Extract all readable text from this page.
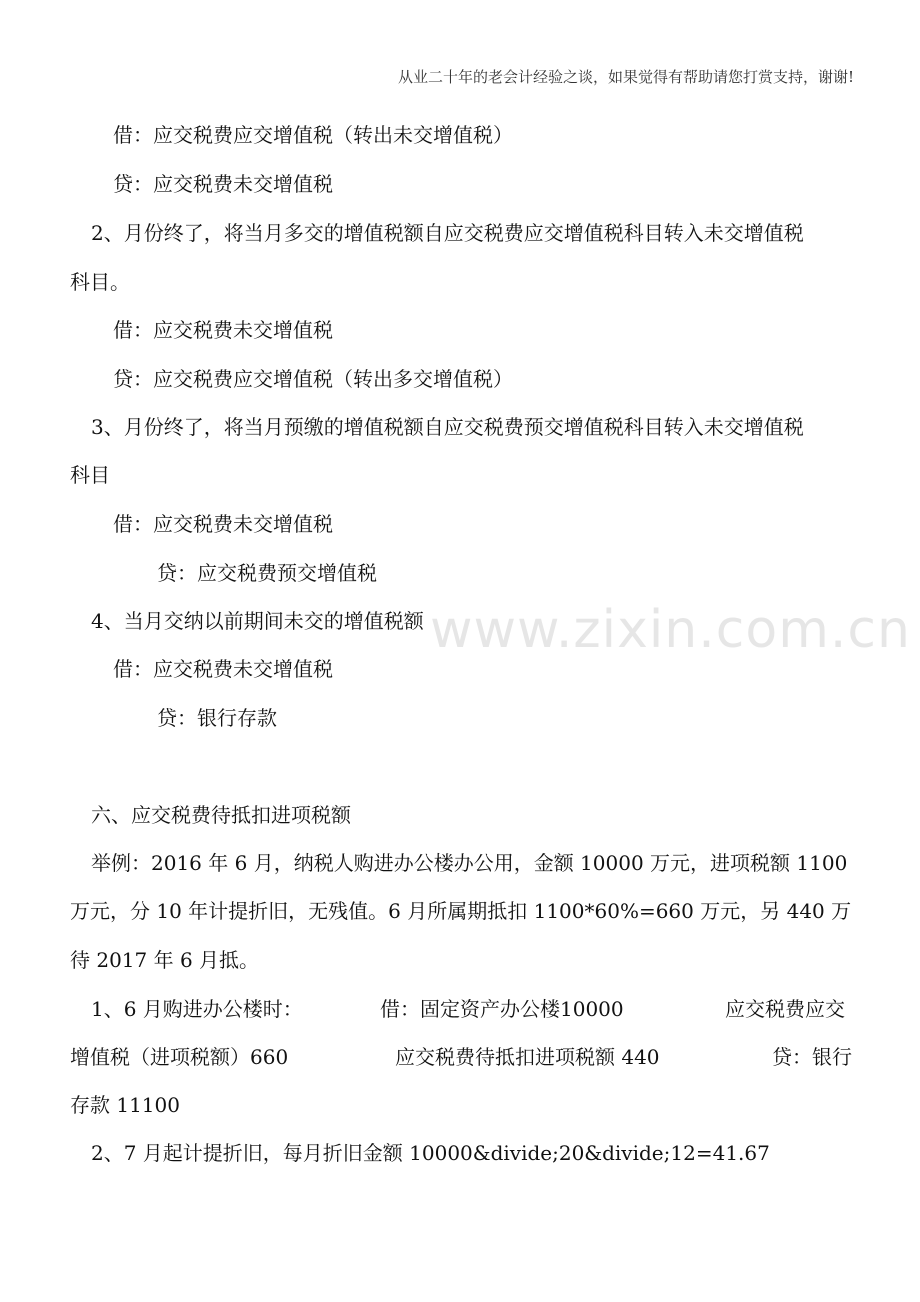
从业二十年的老会计经验之谈，如果觉得有帮助请您打赏支持，谢谢!
www.zixin.com.cn
借：应交税费应交增值税（转出未交增值税）
贷：应交税费未交增值税
2、月份终了，将当月多交的增值税额自应交税费应交增值税科目转入未交增值税
科目。
借：应交税费未交增值税
贷：应交税费应交增值税（转出多交增值税）
3、月份终了，将当月预缴的增值税额自应交税费预交增值税科目转入未交增值税
科目
借：应交税费未交增值税
贷：应交税费预交增值税
4、当月交纳以前期间未交的增值税额
借：应交税费未交增值税
贷：银行存款
六、应交税费待抵扣进项税额
举例：2016 年 6 月，纳税人购进办公楼办公用，金额 10000 万元，进项税额 1100
万元，分 10 年计提折旧，无残值。6 月所属期抵扣 1100*60%=660 万元，另 440 万
待 2017 年 6 月抵。
1、6 月购进办公楼时：	借：固定资产办公楼10000	应交税费应交
增值税（进项税额）660	应交税费待抵扣进项税额 440	贷：银行
存款 11100
2、7 月起计提折旧，每月折旧金额 10000&divide;20&divide;12=41.67
